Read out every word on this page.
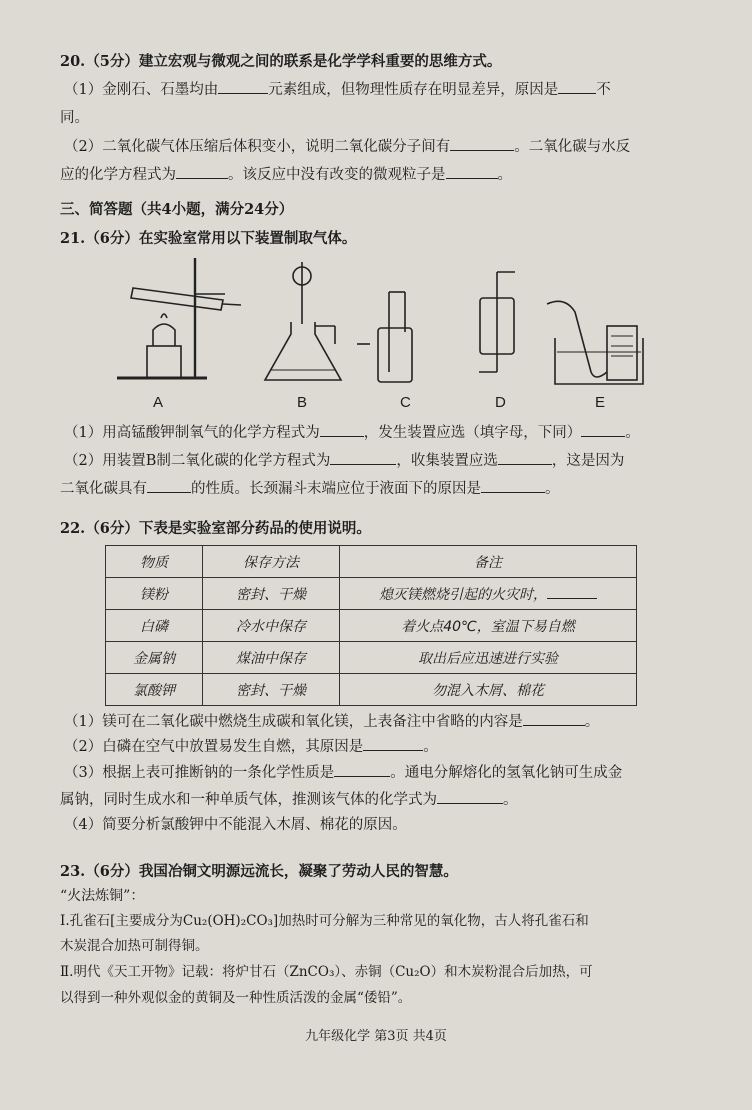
20.（5分）建立宏观与微观之间的联系是化学学科重要的思维方式。
（1）金刚石、石墨均由	元素组成，但物理性质存在明显差异，原因是	不
同。
（2）二氧化碳气体压缩后体积变小，说明二氧化碳分子间有	。二氧化碳与水反
应的化学方程式为	。该反应中没有改变的微观粒子是	。
三、简答题（共4小题，满分24分）
21.（6分）在实验室常用以下装置制取气体。
A	B	C	D	E
（1）用高锰酸钾制氧气的化学方程式为	，发生装置应选（填字母，下同）	。
（2）用装置B制二氧化碳的化学方程式为	，收集装置应选	，这是因为
二氧化碳具有	的性质。长颈漏斗末端应位于液面下的原因是	。
22.（6分）下表是实验室部分药品的使用说明。
物质	保存方法	备注
镁粉	密封、干燥	熄灭镁燃烧引起的火灾时，
白磷	冷水中保存	着火点40℃，室温下易自燃
金属钠	煤油中保存	取出后应迅速进行实验
氯酸钾	密封、干燥	勿混入木屑、棉花
（1）镁可在二氧化碳中燃烧生成碳和氧化镁，上表备注中省略的内容是	。
（2）白磷在空气中放置易发生自燃，其原因是	。
（3）根据上表可推断钠的一条化学性质是	。通电分解熔化的氢氧化钠可生成金
属钠，同时生成水和一种单质气体，推测该气体的化学式为	。
（4）简要分析氯酸钾中不能混入木屑、棉花的原因。
23.（6分）我国冶铜文明源远流长，凝聚了劳动人民的智慧。
“火法炼铜”：
Ⅰ.孔雀石[主要成分为Cu₂(OH)₂CO₃]加热时可分解为三种常见的氧化物，古人将孔雀石和
木炭混合加热可制得铜。
Ⅱ.明代《天工开物》记载：将炉甘石（ZnCO₃）、赤铜（Cu₂O）和木炭粉混合后加热，可
以得到一种外观似金的黄铜及一种性质活泼的金属“倭铅”。
九年级化学 第3页 共4页
